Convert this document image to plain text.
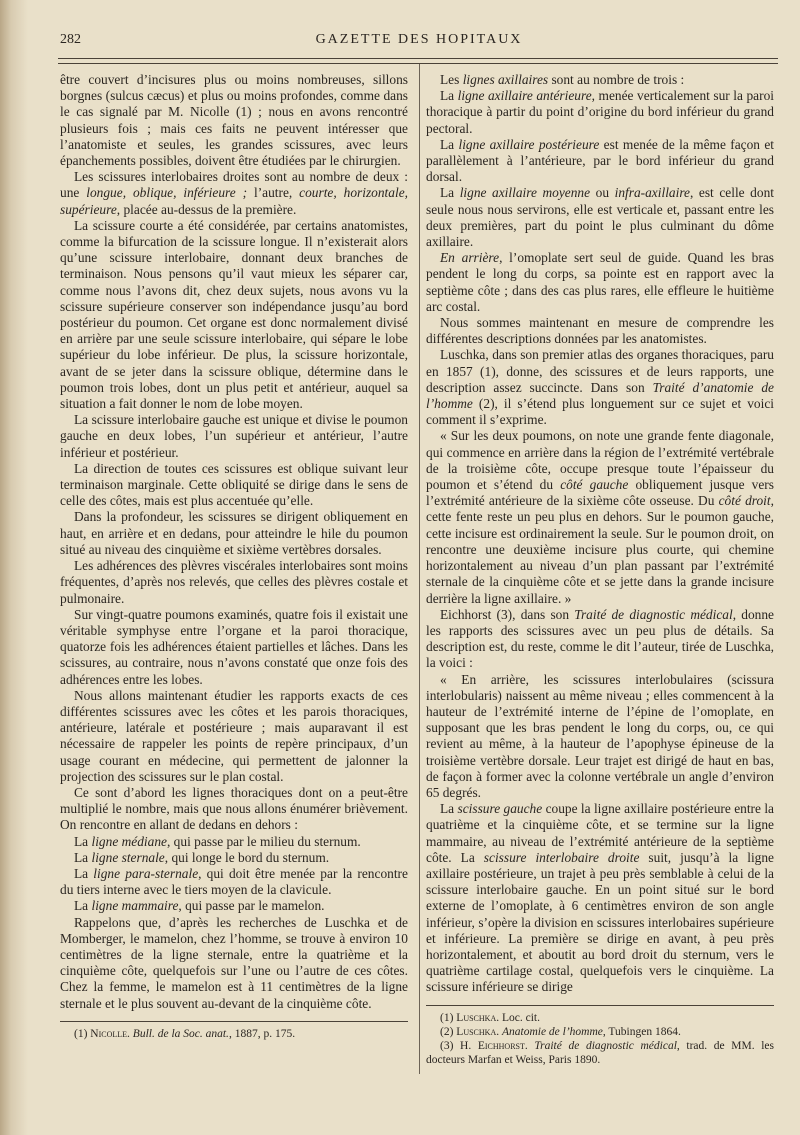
282	GAZETTE DES HOPITAUX

être couvert d’incisures plus ou moins nombreuses, sillons borgnes (sulcus cæcus) et plus ou moins profondes, comme dans le cas signalé par M. Nicolle (1) ; nous en avons rencontré plusieurs fois ; mais ces faits ne peuvent intéresser que l’anatomiste et seules, les grandes scissures, avec leurs épanchements possibles, doivent être étudiées par le chirurgien.

Les scissures interlobaires droites sont au nombre de deux : une longue, oblique, inférieure ; l’autre, courte, horizontale, supérieure, placée au-dessus de la première.

La scissure courte a été considérée, par certains anatomistes, comme la bifurcation de la scissure longue. Il n’existerait alors qu’une scissure interlobaire, donnant deux branches de terminaison. Nous pensons qu’il vaut mieux les séparer car, comme nous l’avons dit, chez deux sujets, nous avons vu la scissure supérieure conserver son indépendance jusqu’au bord postérieur du poumon. Cet organe est donc normalement divisé en arrière par une seule scissure interlobaire, qui sépare le lobe supérieur du lobe inférieur. De plus, la scissure horizontale, avant de se jeter dans la scissure oblique, détermine dans le poumon trois lobes, dont un plus petit et antérieur, auquel sa situation a fait donner le nom de lobe moyen.

La scissure interlobaire gauche est unique et divise le poumon gauche en deux lobes, l’un supérieur et antérieur, l’autre inférieur et postérieur.

La direction de toutes ces scissures est oblique suivant leur terminaison marginale. Cette obliquité se dirige dans le sens de celle des côtes, mais est plus accentuée qu’elle.

Dans la profondeur, les scissures se dirigent obliquement en haut, en arrière et en dedans, pour atteindre le hile du poumon situé au niveau des cinquième et sixième vertèbres dorsales.

Les adhérences des plèvres viscérales interlobaires sont moins fréquentes, d’après nos relevés, que celles des plèvres costale et pulmonaire.

Sur vingt-quatre poumons examinés, quatre fois il existait une véritable symphyse entre l’organe et la paroi thoracique, quatorze fois les adhérences étaient partielles et lâches. Dans les scissures, au contraire, nous n’avons constaté que onze fois des adhérences entre les lobes.

Nous allons maintenant étudier les rapports exacts de ces différentes scissures avec les côtes et les parois thoraciques, antérieure, latérale et postérieure ; mais auparavant il est nécessaire de rappeler les points de repère principaux, d’un usage courant en médecine, qui permettent de jalonner la projection des scissures sur le plan costal.

Ce sont d’abord les lignes thoraciques dont on a peut-être multiplié le nombre, mais que nous allons énumérer brièvement. On rencontre en allant de dedans en dehors :

La ligne médiane, qui passe par le milieu du sternum.

La ligne sternale, qui longe le bord du sternum.

La ligne para-sternale, qui doit être menée par la rencontre du tiers interne avec le tiers moyen de la clavicule.

La ligne mammaire, qui passe par le mamelon.

Rappelons que, d’après les recherches de Luschka et de Momberger, le mamelon, chez l’homme, se trouve à environ 10 centimètres de la ligne sternale, entre la quatrième et la cinquième côte, quelquefois sur l’une ou l’autre de ces côtes. Chez la femme, le mamelon est à 11 centimètres de la ligne sternale et le plus souvent au-devant de la cinquième côte.

(1) Nicolle. Bull. de la Soc. anat., 1887, p. 175.

Les lignes axillaires sont au nombre de trois :

La ligne axillaire antérieure, menée verticalement sur la paroi thoracique à partir du point d’origine du bord inférieur du grand pectoral.

La ligne axillaire postérieure est menée de la même façon et parallèlement à l’antérieure, par le bord inférieur du grand dorsal.

La ligne axillaire moyenne ou infra-axillaire, est celle dont seule nous nous servirons, elle est verticale et, passant entre les deux premières, part du point le plus culminant du dôme axillaire.

En arrière, l’omoplate sert seul de guide. Quand les bras pendent le long du corps, sa pointe est en rapport avec la septième côte ; dans des cas plus rares, elle effleure le huitième arc costal.

Nous sommes maintenant en mesure de comprendre les différentes descriptions données par les anatomistes.

Luschka, dans son premier atlas des organes thoraciques, paru en 1857 (1), donne, des scissures et de leurs rapports, une description assez succincte. Dans son Traité d’anatomie de l’homme (2), il s’étend plus longuement sur ce sujet et voici comment il s’exprime.

« Sur les deux poumons, on note une grande fente diagonale, qui commence en arrière dans la région de l’extrémité vertébrale de la troisième côte, occupe presque toute l’épaisseur du poumon et s’étend du côté gauche obliquement jusque vers l’extrémité antérieure de la sixième côte osseuse. Du côté droit, cette fente reste un peu plus en dehors. Sur le poumon gauche, cette incisure est ordinairement la seule. Sur le poumon droit, on rencontre une deuxième incisure plus courte, qui chemine horizontalement au niveau d’un plan passant par l’extrémité sternale de la cinquième côte et se jette dans la grande incisure derrière la ligne axillaire. »

Eichhorst (3), dans son Traité de diagnostic médical, donne les rapports des scissures avec un peu plus de détails. Sa description est, du reste, comme le dit l’auteur, tirée de Luschka, la voici :

« En arrière, les scissures interlobulaires (scissura interlobularis) naissent au même niveau ; elles commencent à la hauteur de l’extrémité interne de l’épine de l’omoplate, en supposant que les bras pendent le long du corps, ou, ce qui revient au même, à la hauteur de l’apophyse épineuse de la troisième vertèbre dorsale. Leur trajet est dirigé de haut en bas, de façon à former avec la colonne vertébrale un angle d’environ 65 degrés.

La scissure gauche coupe la ligne axillaire postérieure entre la quatrième et la cinquième côte, et se termine sur la ligne mammaire, au niveau de l’extrémité antérieure de la septième côte. La scissure interlobaire droite suit, jusqu’à la ligne axillaire postérieure, un trajet à peu près semblable à celui de la scissure interlobaire gauche. En un point situé sur le bord externe de l’omoplate, à 6 centimètres environ de son angle inférieur, s’opère la division en scissures interlobaires supérieure et inférieure. La première se dirige en avant, à peu près horizontalement, et aboutit au bord droit du sternum, vers le quatrième cartilage costal, quelquefois vers le cinquième. La scissure inférieure se dirige

(1) Luschka. Loc. cit.

(2) Luschka. Anatomie de l’homme, Tubingen 1864.

(3) H. Eichhorst. Traité de diagnostic médical, trad. de MM. les docteurs Marfan et Weiss, Paris 1890.
